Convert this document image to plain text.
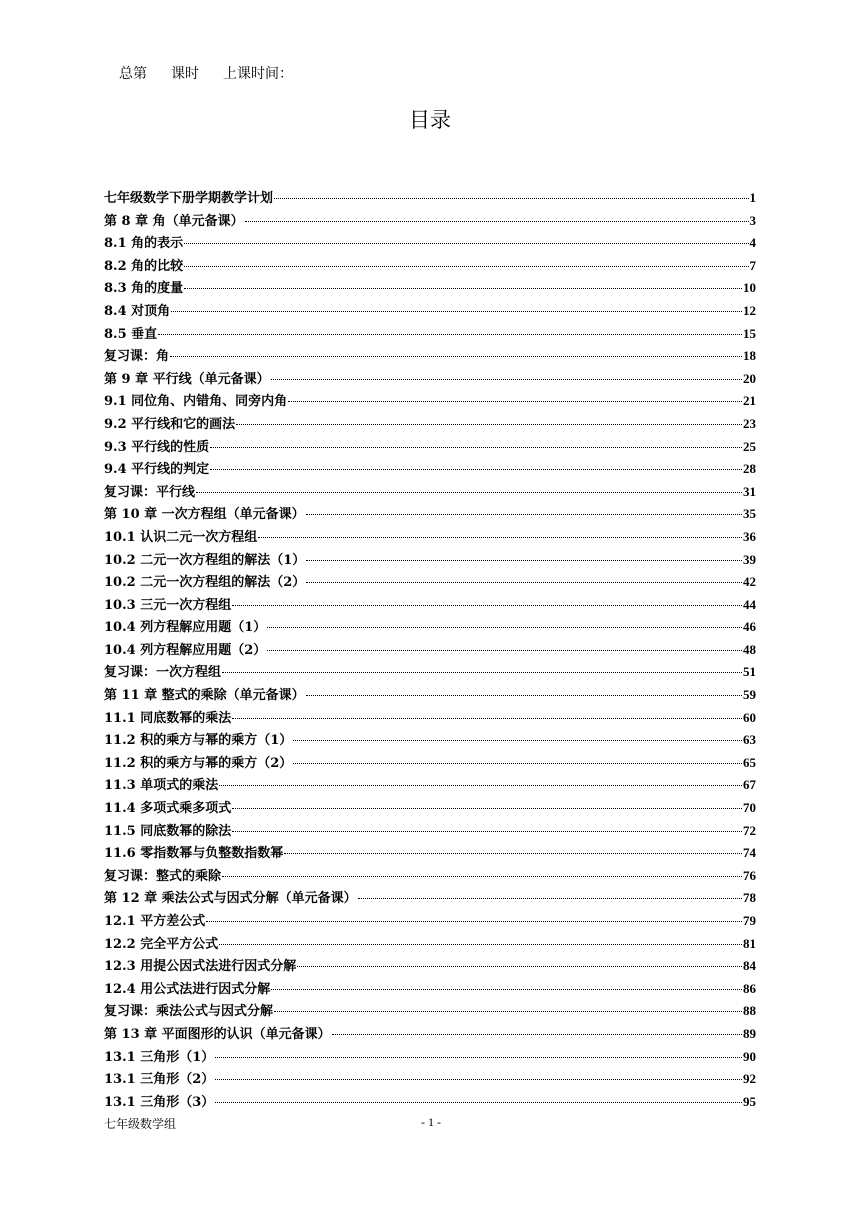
总第 课时 上课时间：
目录
七年级数学下册学期教学计划	1
第 8 章 角（单元备课）	3
8.1 角的表示	4
8.2 角的比较	7
8.3 角的度量	10
8.4 对顶角	12
8.5 垂直	15
复习课：角	18
第 9 章 平行线（单元备课）	20
9.1 同位角、内错角、同旁内角	21
9.2 平行线和它的画法	23
9.3 平行线的性质	25
9.4 平行线的判定	28
复习课：平行线	31
第 10 章 一次方程组（单元备课）	35
10.1 认识二元一次方程组	36
10.2 二元一次方程组的解法（1）	39
10.2 二元一次方程组的解法（2）	42
10.3 三元一次方程组	44
10.4 列方程解应用题（1）	46
10.4 列方程解应用题（2）	48
复习课：一次方程组	51
第 11 章 整式的乘除（单元备课）	59
11.1 同底数幂的乘法	60
11.2 积的乘方与幂的乘方（1）	63
11.2 积的乘方与幂的乘方（2）	65
11.3 单项式的乘法	67
11.4 多项式乘多项式	70
11.5 同底数幂的除法	72
11.6 零指数幂与负整数指数幂	74
复习课：整式的乘除	76
第 12 章 乘法公式与因式分解（单元备课）	78
12.1 平方差公式	79
12.2 完全平方公式	81
12.3 用提公因式法进行因式分解	84
12.4 用公式法进行因式分解	86
复习课：乘法公式与因式分解	88
第 13 章 平面图形的认识（单元备课）	89
13.1 三角形（1）	90
13.1 三角形（2）	92
13.1 三角形（3）	95
七年级数学组	- 1 -
